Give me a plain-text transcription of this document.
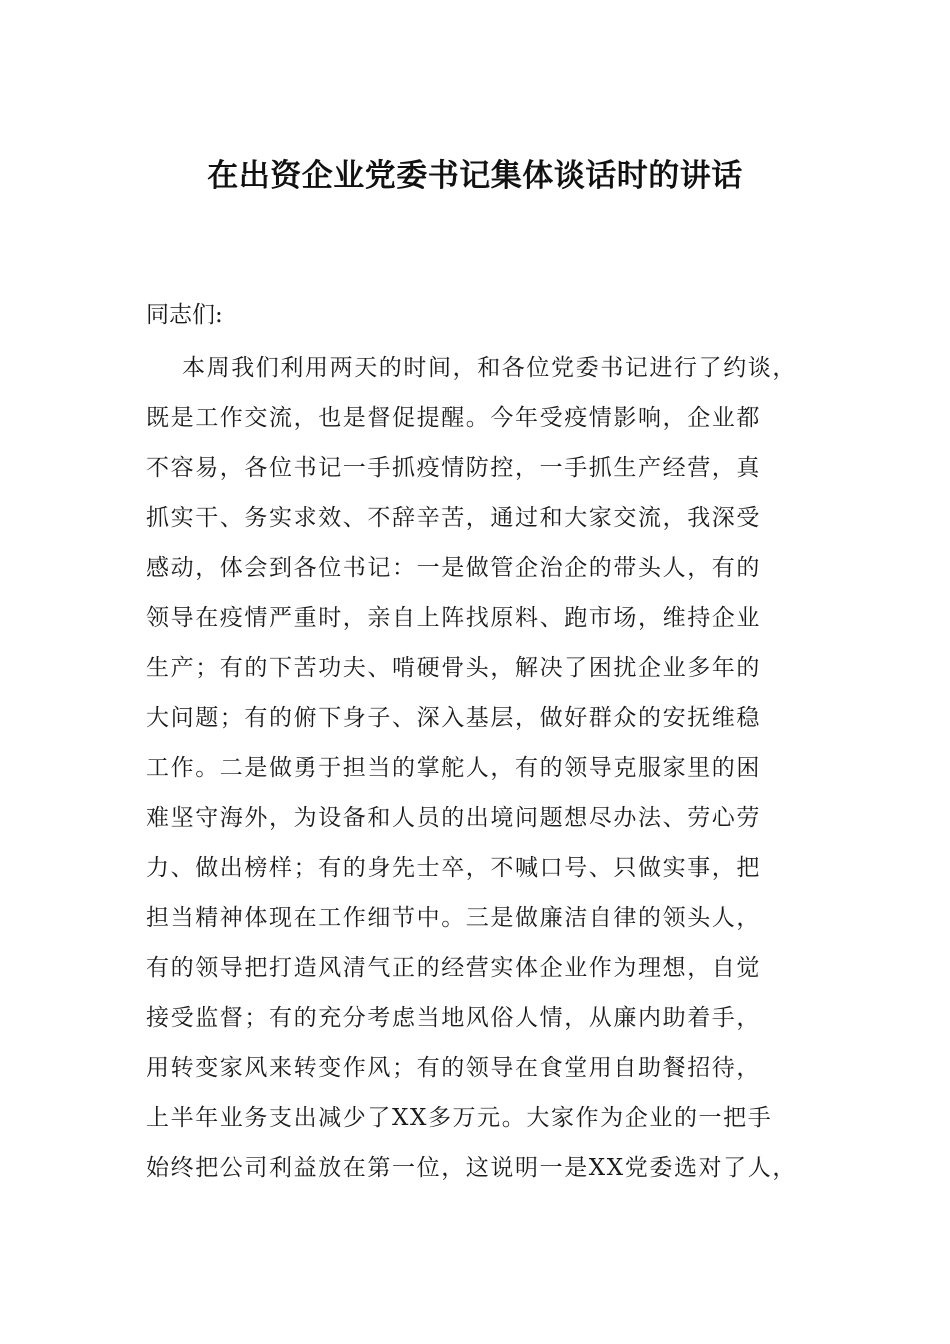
在出资企业党委书记集体谈话时的讲话
同志们:
本周我们利用两天的时间，和各位党委书记进行了约谈，
既是工作交流，也是督促提醒。今年受疫情影响，企业都
不容易，各位书记一手抓疫情防控，一手抓生产经营，真
抓实干、务实求效、不辞辛苦，通过和大家交流，我深受
感动，体会到各位书记：一是做管企治企的带头人，有的
领导在疫情严重时，亲自上阵找原料、跑市场，维持企业
生产；有的下苦功夫、啃硬骨头，解决了困扰企业多年的
大问题；有的俯下身子、深入基层，做好群众的安抚维稳
工作。二是做勇于担当的掌舵人，有的领导克服家里的困
难坚守海外，为设备和人员的出境问题想尽办法、劳心劳
力、做出榜样；有的身先士卒，不喊口号、只做实事，把
担当精神体现在工作细节中。三是做廉洁自律的领头人，
有的领导把打造风清气正的经营实体企业作为理想，自觉
接受监督；有的充分考虑当地风俗人情，从廉内助着手，
用转变家风来转变作风；有的领导在食堂用自助餐招待，
上半年业务支出减少了XX多万元。大家作为企业的一把手
始终把公司利益放在第一位，这说明一是XX党委选对了人，
